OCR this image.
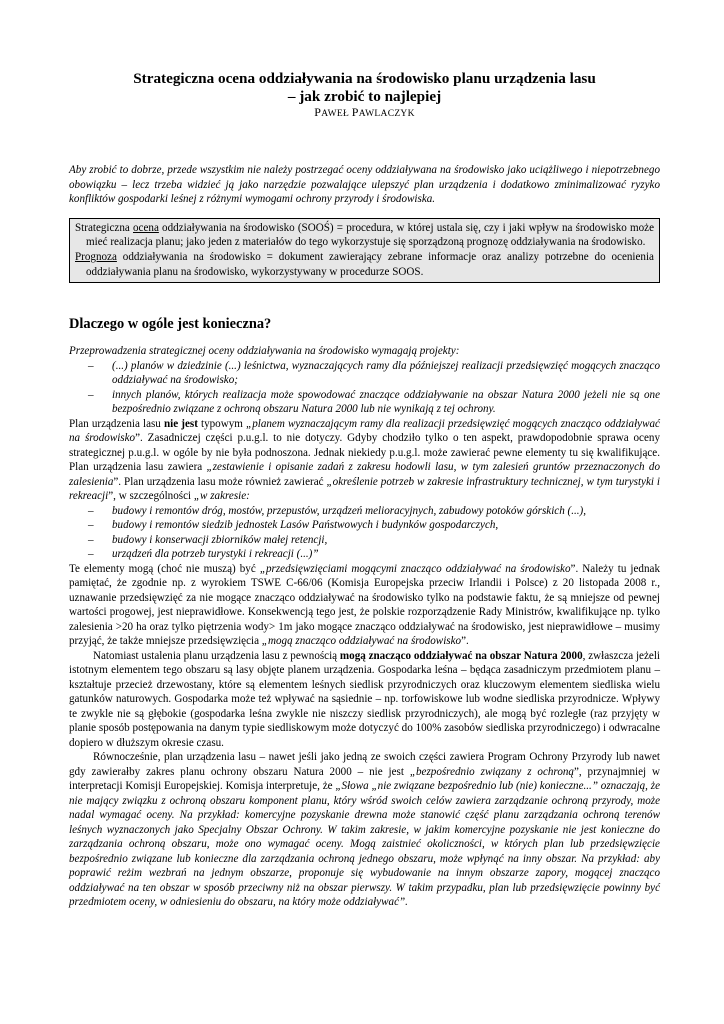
Strategiczna ocena oddziaływania na środowisko planu urządzenia lasu
– jak zrobić to najlepiej
PAWEŁ PAWLACZYK

Aby zrobić to dobrze, przede wszystkim nie należy postrzegać oceny oddziaływana na środowisko jako uciążliwego i niepotrzebnego obowiązku – lecz trzeba widzieć ją jako narzędzie pozwalające ulepszyć plan urządzenia i dodatkowo zminimalizować ryzyko konfliktów gospodarki leśnej z różnymi wymogami ochrony przyrody i środowiska.

Strategiczna ocena oddziaływania na środowisko (SOOŚ) = procedura, w której ustala się, czy i jaki wpływ na środowisko może mieć realizacja planu; jako jeden z materiałów do tego wykorzystuje się sporządzoną prognozę oddziaływania na środowisko.

Prognoza oddziaływania na środowisko = dokument zawierający zebrane informacje oraz analizy potrzebne do ocenienia oddziaływania planu na środowisko, wykorzystywany w procedurze SOOS.

Dlaczego w ogóle jest konieczna?

Przeprowadzenia strategicznej oceny oddziaływania na środowisko wymagają projekty:

– (...) planów w dziedzinie (...) leśnictwa, wyznaczających ramy dla późniejszej realizacji przedsięwzięć mogących znacząco oddziaływać na środowisko;
– innych planów, których realizacja może spowodować znaczące oddziaływanie na obszar Natura 2000 jeżeli nie są one bezpośrednio związane z ochroną obszaru Natura 2000 lub nie wynikają z tej ochrony.

Plan urządzenia lasu nie jest typowym „planem wyznaczającym ramy dla realizacji przedsięwzięć mogących znacząco oddziaływać na środowisko”. Zasadniczej części p.u.g.l. to nie dotyczy. Gdyby chodziło tylko o ten aspekt, prawdopodobnie sprawa oceny strategicznej p.u.g.l. w ogóle by nie była podnoszona. Jednak niekiedy p.u.g.l. może zawierać pewne elementy tu się kwalifikujące. Plan urządzenia lasu zawiera „zestawienie i opisanie zadań z zakresu hodowli lasu, w tym zalesień gruntów przeznaczonych do zalesienia”. Plan urządzenia lasu może również zawierać „określenie potrzeb w zakresie infrastruktury technicznej, w tym turystyki i rekreacji”, w szczególności „w zakresie:

– budowy i remontów dróg, mostów, przepustów, urządzeń melioracyjnych, zabudowy potoków górskich (...),
– budowy i remontów siedzib jednostek Lasów Państwowych i budynków gospodarczych,
– budowy i konserwacji zbiorników małej retencji,
– urządzeń dla potrzeb turystyki i rekreacji (...)”

Te elementy mogą (choć nie muszą) być „przedsięwzięciami mogącymi znacząco oddziaływać na środowisko”. Należy tu jednak pamiętać, że zgodnie np. z wyrokiem TSWE C-66/06 (Komisja Europejska przeciw Irlandii i Polsce) z 20 listopada 2008 r., uznawanie przedsięwzięć za nie mogące znacząco oddziaływać na środowisko tylko na podstawie faktu, że są mniejsze od pewnej wartości progowej, jest nieprawidłowe. Konsekwencją tego jest, że polskie rozporządzenie Rady Ministrów, kwalifikujące np. tylko zalesienia >20 ha oraz tylko piętrzenia wody> 1m jako mogące znacząco oddziaływać na środowisko, jest nieprawidłowe – musimy przyjąć, że także mniejsze przedsięwzięcia „mogą znacząco oddziaływać na środowisko”.

Natomiast ustalenia planu urządzenia lasu z pewnością mogą znacząco oddziaływać na obszar Natura 2000, zwłaszcza jeżeli istotnym elementem tego obszaru są lasy objęte planem urządzenia. Gospodarka leśna – będąca zasadniczym przedmiotem planu – kształtuje przecież drzewostany, które są elementem leśnych siedlisk przyrodniczych oraz kluczowym elementem siedliska wielu gatunków naturowych. Gospodarka może też wpływać na sąsiednie – np. torfowiskowe lub wodne siedliska przyrodnicze. Wpływy te zwykle nie są głębokie (gospodarka leśna zwykle nie niszczy siedlisk przyrodniczych), ale mogą być rozległe (raz przyjęty w planie sposób postępowania na danym typie siedliskowym może dotyczyć do 100% zasobów siedliska przyrodniczego) i odwracalne dopiero w dłuższym okresie czasu.

Równocześnie, plan urządzenia lasu – nawet jeśli jako jedną ze swoich części zawiera Program Ochrony Przyrody lub nawet gdy zawierałby zakres planu ochrony obszaru Natura 2000 – nie jest „bezpośrednio związany z ochroną”, przynajmniej w interpretacji Komisji Europejskiej. Komisja interpretuje, że „Słowa „nie związane bezpośrednio lub (nie) konieczne...” oznaczają, że nie mający związku z ochroną obszaru komponent planu, który wśród swoich celów zawiera zarządzanie ochroną przyrody, może nadal wymagać oceny. Na przykład: komercyjne pozyskanie drewna może stanowić część planu zarządzania ochroną terenów leśnych wyznaczonych jako Specjalny Obszar Ochrony. W takim zakresie, w jakim komercyjne pozyskanie nie jest konieczne do zarządzania ochroną obszaru, może ono wymagać oceny. Mogą zaistnieć okoliczności, w których plan lub przedsięwzięcie bezpośrednio związane lub konieczne dla zarządzania ochroną jednego obszaru, może wpłynąć na inny obszar. Na przykład: aby poprawić reżim wezbrań na jednym obszarze, proponuje się wybudowanie na innym obszarze zapory, mogącej znacząco oddziaływać na ten obszar w sposób przeciwny niż na obszar pierwszy. W takim przypadku, plan lub przedsięwzięcie powinny być przedmiotem oceny, w odniesieniu do obszaru, na który może oddziaływać”.
